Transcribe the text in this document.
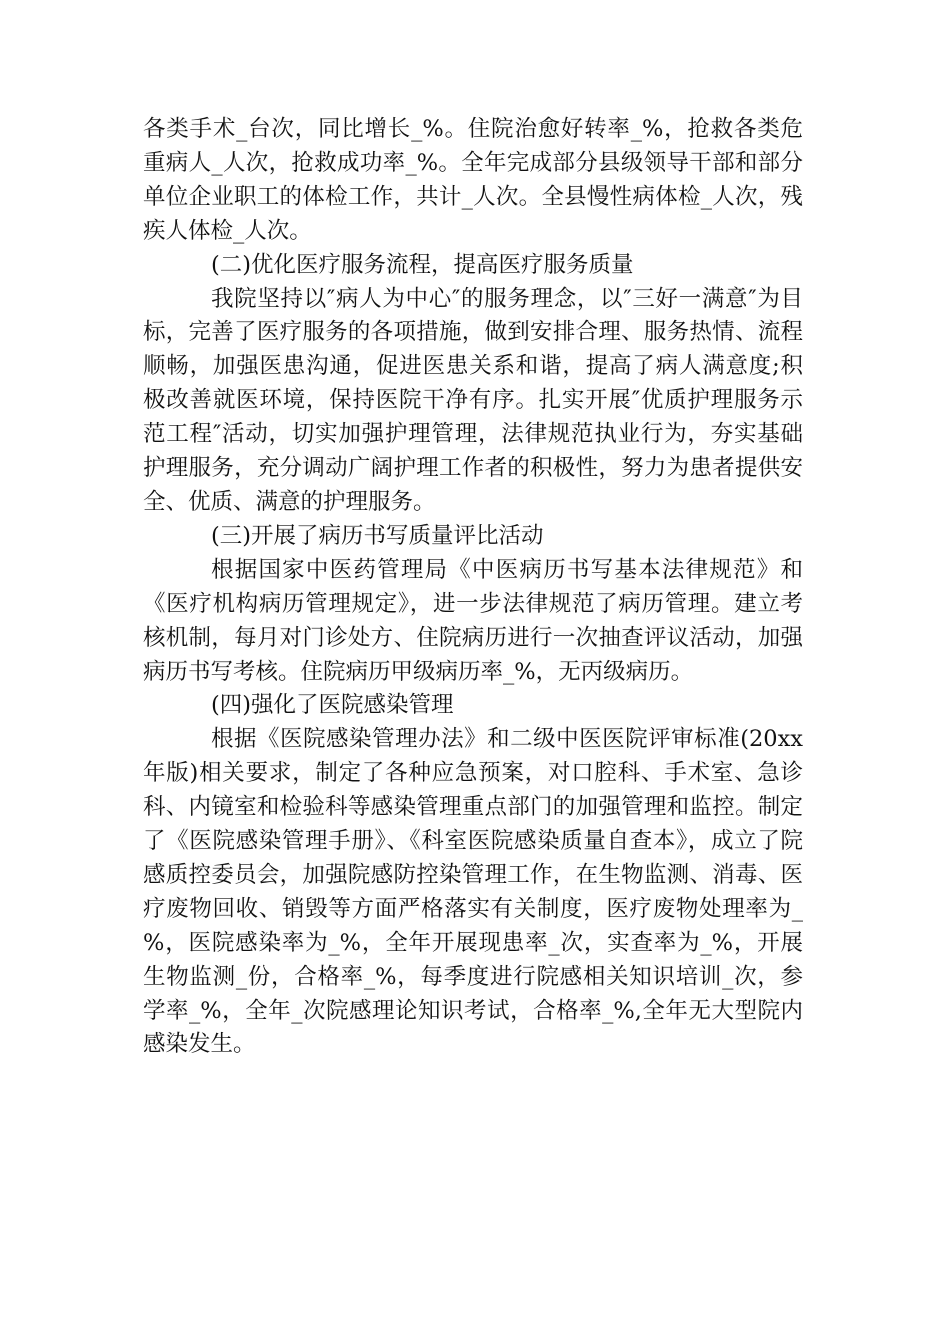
各类手术_台次，同比增长_%。住院治愈好转率_%，抢救各类危重病人_人次，抢救成功率_%。全年完成部分县级领导干部和部分单位企业职工的体检工作，共计_人次。全县慢性病体检_人次，残疾人体检_人次。

(二)优化医疗服务流程，提高医疗服务质量

我院坚持以″病人为中心″的服务理念，以″三好一满意″为目标，完善了医疗服务的各项措施，做到安排合理、服务热情、流程顺畅，加强医患沟通，促进医患关系和谐，提高了病人满意度;积极改善就医环境，保持医院干净有序。扎实开展″优质护理服务示范工程″活动，切实加强护理管理，法律规范执业行为，夯实基础护理服务，充分调动广阔护理工作者的积极性，努力为患者提供安全、优质、满意的护理服务。

(三)开展了病历书写质量评比活动

根据国家中医药管理局《中医病历书写基本法律规范》和《医疗机构病历管理规定》，进一步法律规范了病历管理。建立考核机制，每月对门诊处方、住院病历进行一次抽查评议活动，加强病历书写考核。住院病历甲级病历率_%，无丙级病历。

(四)强化了医院感染管理

根据《医院感染管理办法》和二级中医医院评审标准(20xx年版)相关要求，制定了各种应急预案，对口腔科、手术室、急诊科、内镜室和检验科等感染管理重点部门的加强管理和监控。制定了《医院感染管理手册》、《科室医院感染质量自查本》，成立了院感质控委员会，加强院感防控染管理工作，在生物监测、消毒、医疗废物回收、销毁等方面严格落实有关制度，医疗废物处理率为_ %，医院感染率为_%，全年开展现患率_次，实查率为_%，开展生物监测_份，合格率_%，每季度进行院感相关知识培训_次，参学率_%，全年_次院感理论知识考试，合格率_%,全年无大型院内感染发生。
